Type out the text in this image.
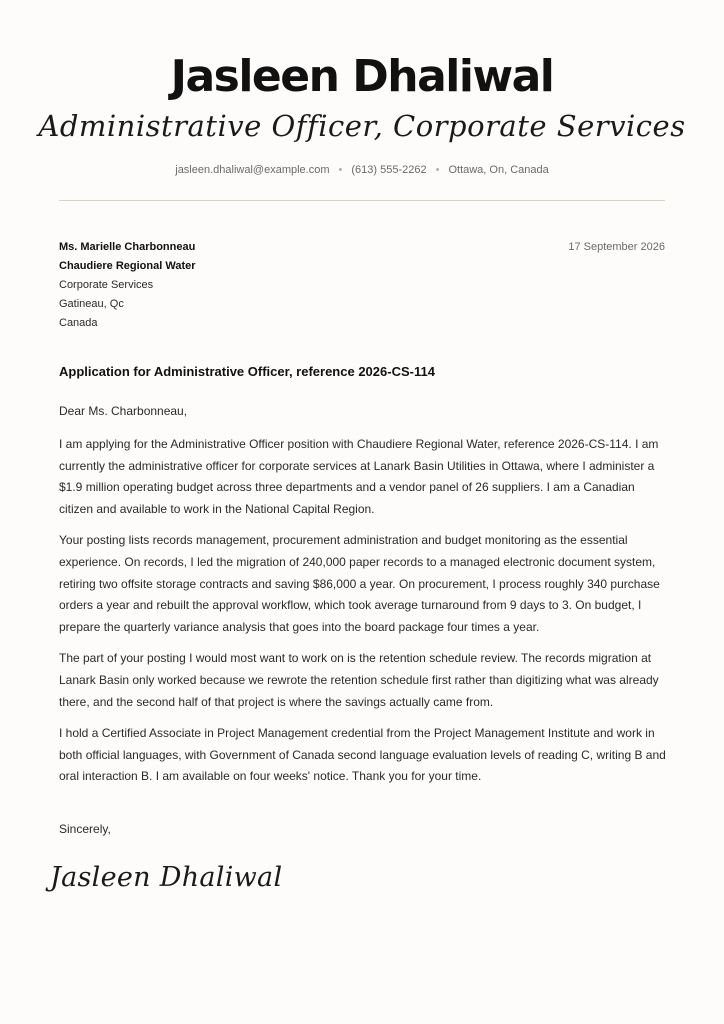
Jasleen Dhaliwal
Administrative Officer, Corporate Services
jasleen.dhaliwal@example.com • (613) 555-2262 • Ottawa, On, Canada
Ms. Marielle Charbonneau
Chaudiere Regional Water
Corporate Services
Gatineau, Qc
Canada
17 September 2026
Application for Administrative Officer, reference 2026-CS-114
Dear Ms. Charbonneau,

I am applying for the Administrative Officer position with Chaudiere Regional Water, reference 2026-CS-114. I am currently the administrative officer for corporate services at Lanark Basin Utilities in Ottawa, where I administer a $1.9 million operating budget across three departments and a vendor panel of 26 suppliers. I am a Canadian citizen and available to work in the National Capital Region.

Your posting lists records management, procurement administration and budget monitoring as the essential experience. On records, I led the migration of 240,000 paper records to a managed electronic document system, retiring two offsite storage contracts and saving $86,000 a year. On procurement, I process roughly 340 purchase orders a year and rebuilt the approval workflow, which took average turnaround from 9 days to 3. On budget, I prepare the quarterly variance analysis that goes into the board package four times a year.

The part of your posting I would most want to work on is the retention schedule review. The records migration at Lanark Basin only worked because we rewrote the retention schedule first rather than digitizing what was already there, and the second half of that project is where the savings actually came from.

I hold a Certified Associate in Project Management credential from the Project Management Institute and work in both official languages, with Government of Canada second language evaluation levels of reading C, writing B and oral interaction B. I am available on four weeks' notice. Thank you for your time.

Sincerely,
Jasleen Dhaliwal
